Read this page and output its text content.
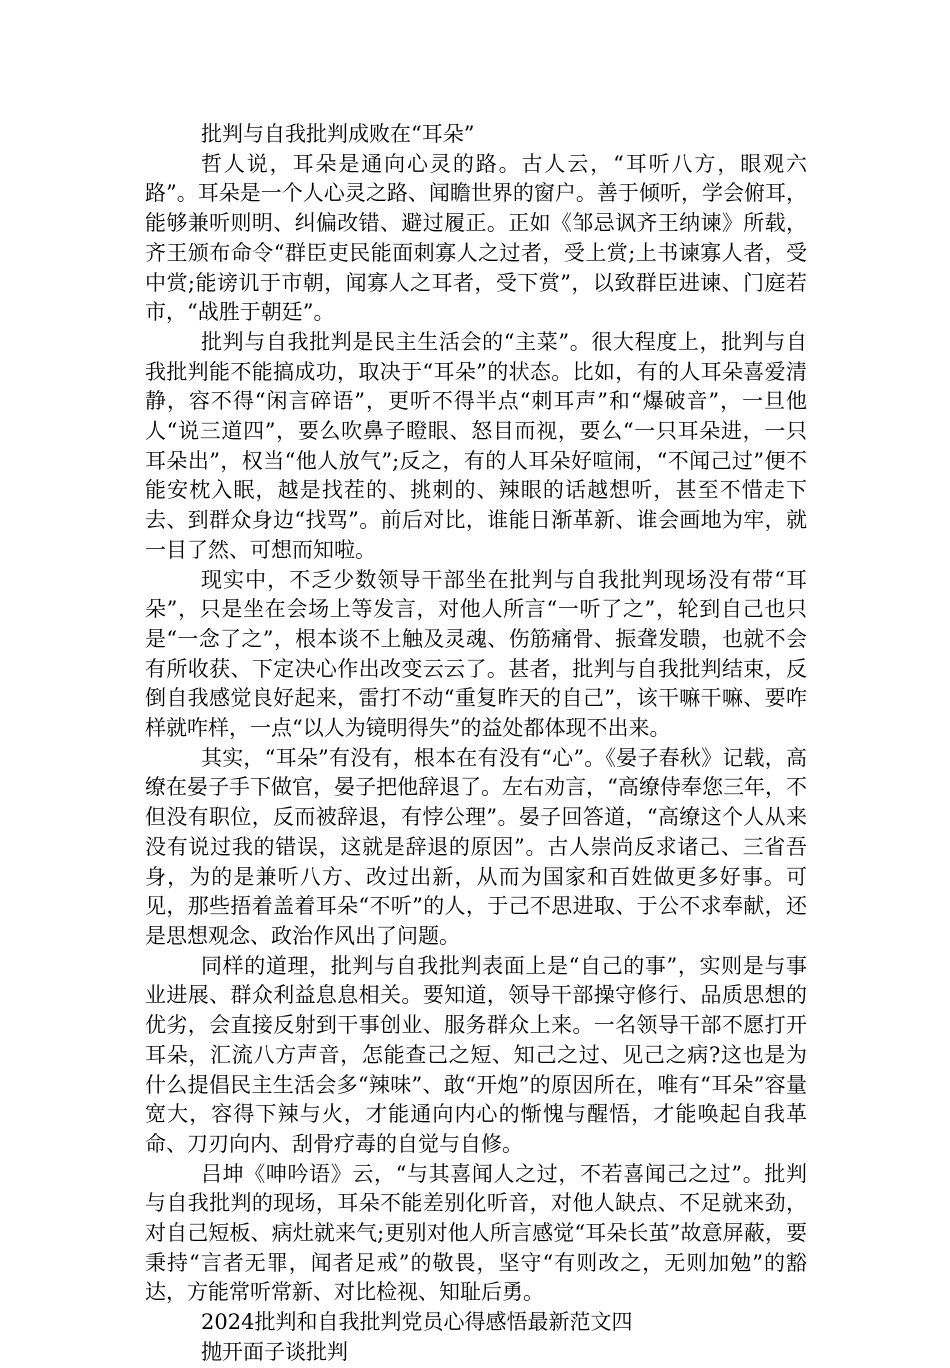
批判与自我批判成败在“耳朵”

哲人说，耳朵是通向心灵的路。古人云，“耳听八方，眼观六路”。耳朵是一个人心灵之路、闻瞻世界的窗户。善于倾听，学会俯耳，能够兼听则明、纠偏改错、避过履正。正如《邹忌讽齐王纳谏》所载，齐王颁布命令“群臣吏民能面刺寡人之过者，受上赏;上书谏寡人者，受中赏;能谤讥于市朝，闻寡人之耳者，受下赏”，以致群臣进谏、门庭若市，“战胜于朝廷”。

批判与自我批判是民主生活会的“主菜”。很大程度上，批判与自我批判能不能搞成功，取决于“耳朵”的状态。比如，有的人耳朵喜爱清静，容不得“闲言碎语”，更听不得半点“刺耳声”和“爆破音”，一旦他人“说三道四”，要么吹鼻子瞪眼、怒目而视，要么“一只耳朵进，一只耳朵出”，权当“他人放气”;反之，有的人耳朵好喧闹，“不闻己过”便不能安枕入眠，越是找茬的、挑刺的、辣眼的话越想听，甚至不惜走下去、到群众身边“找骂”。前后对比，谁能日渐革新、谁会画地为牢，就一目了然、可想而知啦。

现实中，不乏少数领导干部坐在批判与自我批判现场没有带“耳朵”，只是坐在会场上等发言，对他人所言“一听了之”，轮到自己也只是“一念了之”，根本谈不上触及灵魂、伤筋痛骨、振聋发聩，也就不会有所收获、下定决心作出改变云云了。甚者，批判与自我批判结束，反倒自我感觉良好起来，雷打不动“重复昨天的自己”，该干嘛干嘛、要咋样就咋样，一点“以人为镜明得失”的益处都体现不出来。

其实，“耳朵”有没有，根本在有没有“心”。《晏子春秋》记载，高缭在晏子手下做官，晏子把他辞退了。左右劝言，“高缭侍奉您三年，不但没有职位，反而被辞退，有悖公理”。晏子回答道，“高缭这个人从来没有说过我的错误，这就是辞退的原因”。古人崇尚反求诸己、三省吾身，为的是兼听八方、改过出新，从而为国家和百姓做更多好事。可见，那些捂着盖着耳朵“不听”的人，于己不思进取、于公不求奉献，还是思想观念、政治作风出了问题。

同样的道理，批判与自我批判表面上是“自己的事”，实则是与事业进展、群众利益息息相关。要知道，领导干部操守修行、品质思想的优劣，会直接反射到干事创业、服务群众上来。一名领导干部不愿打开耳朵，汇流八方声音，怎能查己之短、知己之过、见己之病?这也是为什么提倡民主生活会多“辣味”、敢“开炮”的原因所在，唯有“耳朵”容量宽大，容得下辣与火，才能通向内心的惭愧与醒悟，才能唤起自我革命、刀刃向内、刮骨疗毒的自觉与自修。

吕坤《呻吟语》云，“与其喜闻人之过，不若喜闻己之过”。批判与自我批判的现场，耳朵不能差别化听音，对他人缺点、不足就来劲，对自己短板、病灶就来气;更别对他人所言感觉“耳朵长茧”故意屏蔽，要秉持“言者无罪，闻者足戒”的敬畏，坚守“有则改之，无则加勉”的豁达，方能常听常新、对比检视、知耻后勇。

2024批判和自我批判党员心得感悟最新范文四

抛开面子谈批判
